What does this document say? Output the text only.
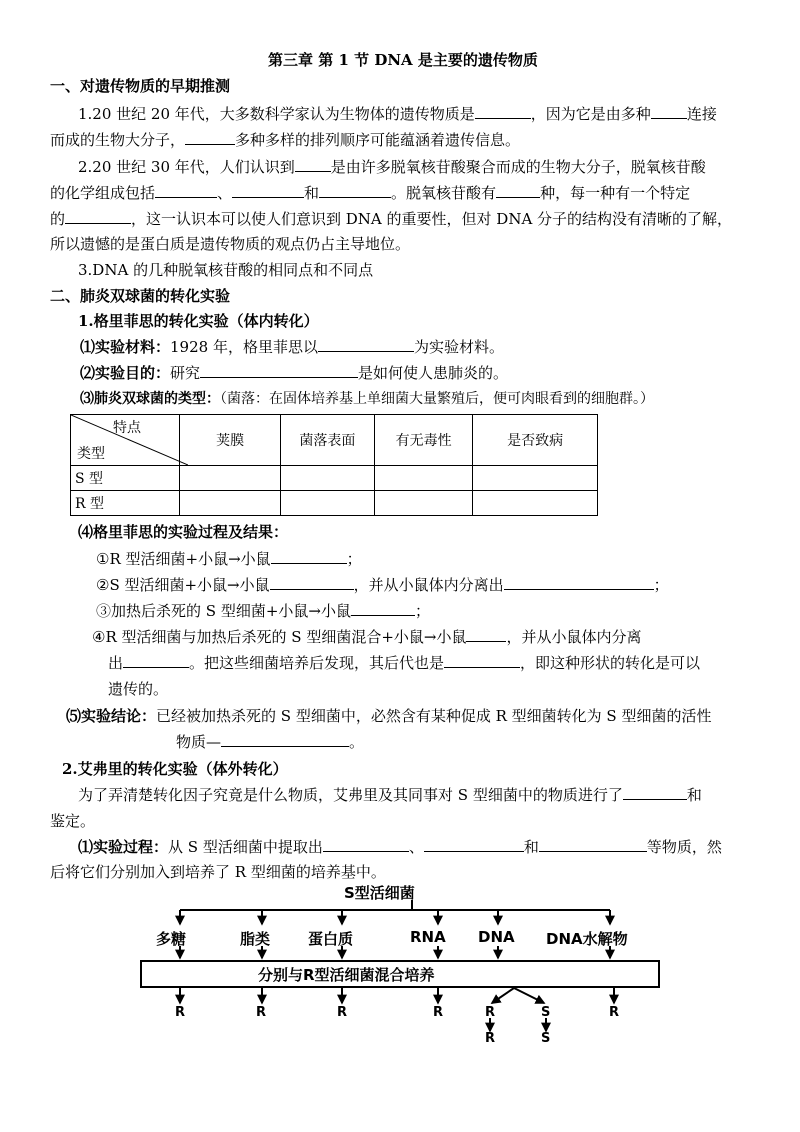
第三章 第 1 节 DNA 是主要的遗传物质
一、对遗传物质的早期推测
1.20 世纪 20 年代，大多数科学家认为生物体的遗传物质是	，因为它是由多种 连接
而成的生物大分子，	多种多样的排列顺序可能蕴涵着遗传信息。
2.20 世纪 30 年代，人们认识到 是由许多脱氧核苷酸聚合而成的生物大分子，脱氧核苷酸
的化学组成包括	、	和	。脱氧核苷酸有	种，每一种有一个特定
的	，这一认识本可以使人们意识到 DNA 的重要性，但对 DNA 分子的结构没有清晰的了解，
所以遗憾的是蛋白质是遗传物质的观点仍占主导地位。
3.DNA 的几种脱氧核苷酸的相同点和不同点
二、肺炎双球菌的转化实验
1.格里菲思的转化实验（体内转化）
⑴实验材料：1928 年，格里菲思以	为实验材料。
⑵实验目的：研究	是如何使人患肺炎的。
⑶肺炎双球菌的类型：（菌落：在固体培养基上单细菌大量繁殖后，便可肉眼看到的细胞群。）
特点
类型	荚膜	菌落表面	有无毒性	是否致病
S 型				
R 型				
⑷格里菲思的实验过程及结果：
①R 型活细菌+小鼠→小鼠	；
②S 型活细菌+小鼠→小鼠	，并从小鼠体内分离出	；
③加热后杀死的 S 型细菌+小鼠→小鼠	；
④R 型活细菌与加热后杀死的 S 型细菌混合+小鼠→小鼠	，并从小鼠体内分离
出	。把这些细菌培养后发现，其后代也是	，即这种形状的转化是可以
遗传的。
⑸实验结论：已经被加热杀死的 S 型细菌中，必然含有某种促成 R 型细菌转化为 S 型细菌的活性
物质—	。
2.艾弗里的转化实验（体外转化）
为了弄清楚转化因子究竟是什么物质，艾弗里及其同事对 S 型细菌中的物质进行了	和
鉴定。
⑴实验过程：从 S 型活细菌中提取出	、	和	等物质，然
后将它们分别加入到培养了 R 型细菌的培养基中。
S型活细菌
多糖	脂类	蛋白质	RNA DNA DNA水解物
分别与R型活细菌混合培养
R	R	R	R	R	S
R	S
R
